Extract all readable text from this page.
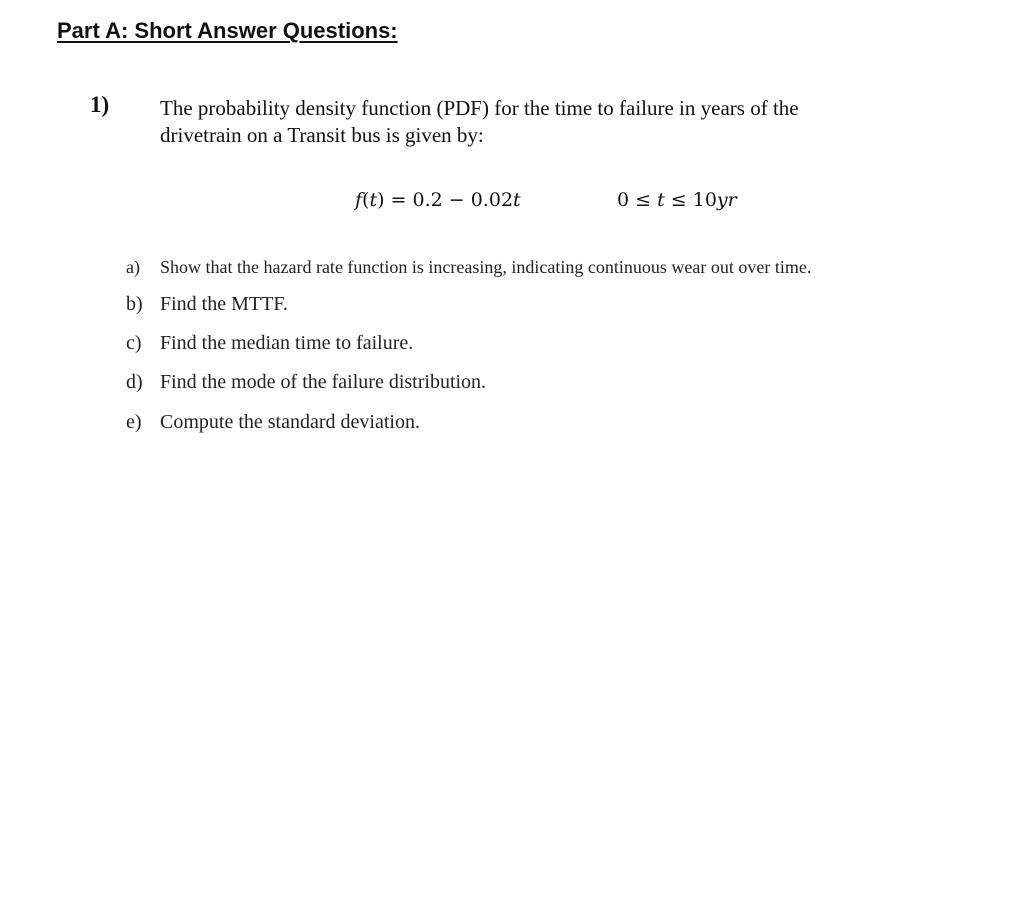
Part A: Short Answer Questions:
1) The probability density function (PDF) for the time to failure in years of the
drivetrain on a Transit bus is given by:
f(t) = 0.2 − 0.02t	0 ≤ t ≤ 10yr
a) Show that the hazard rate function is increasing, indicating continuous wear out over time.
b) Find the MTTF.
c) Find the median time to failure.
d) Find the mode of the failure distribution.
e) Compute the standard deviation.
